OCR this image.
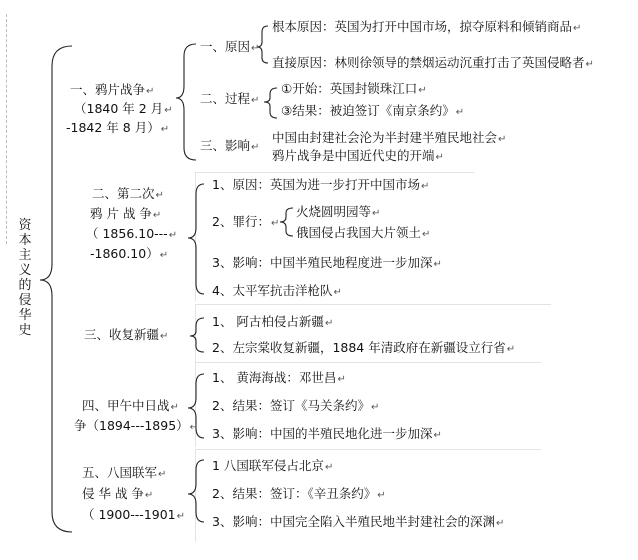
资本主义的侵华史
一、鸦片战争↵
（1840 年 2 月↵
-1842 年 8 月）↵
一、原因↵
根本原因：英国为打开中国市场，掠夺原料和倾销商品↵
直接原因：林则徐领导的禁烟运动沉重打击了英国侵略者↵
二、过程↵
①开始：英国封锁珠江口↵
③结果：被迫签订《南京条约》↵
三、影响↵
中国由封建社会沦为半封建半殖民地社会↵
鸦片战争是中国近代史的开端↵
二、第二次↵
鸦 片 战 争↵
（ 1856.10---↵
-1860.10）↵
1、原因：英国为进一步打开中国市场↵
2、罪行：↵
火烧圆明园等↵
俄国侵占我国大片领土↵
3、影响：中国半殖民地程度进一步加深↵
4、太平军抗击洋枪队↵
三、收复新疆↵
1、 阿古柏侵占新疆↵
2、左宗棠收复新疆，1884 年清政府在新疆设立行省↵
四、甲午中日战↵
争（1894---1895）↵
1、 黄海海战：邓世昌↵
2、结果：签订《马关条约》↵
3、影响：中国的半殖民地化进一步加深↵
五、八国联军↵
侵 华 战 争↵
（ 1900---1901↵
1 八国联军侵占北京↵
2、结果：签订：《辛丑条约》↵
3、影响：中国完全陷入半殖民地半封建社会的深渊↵
